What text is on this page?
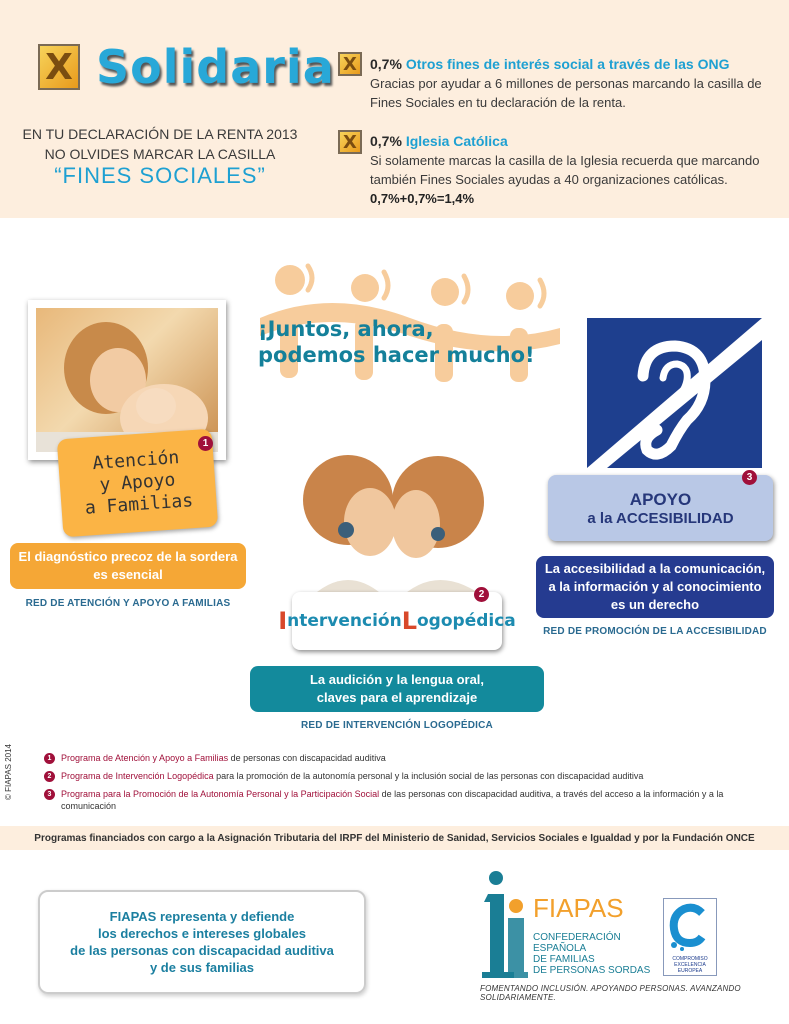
X Solidaria
EN TU DECLARACIÓN DE LA RENTA 2013
NO OLVIDES MARCAR LA CASILLA
“FINES SOCIALES”
X 0,7% Otros fines de interés social a través de las ONG
Gracias por ayudar a 6 millones de personas marcando la casilla de Fines Sociales en tu declaración de la renta.
X 0,7% Iglesia Católica
Si solamente marcas la casilla de la Iglesia recuerda que marcando también Fines Sociales ayudas a 40 organizaciones católicas.
0,7%+0,7%=1,4%
¡Juntos, ahora,
podemos hacer mucho!
Atención
y Apoyo
a Familias
1
I ntervención L ogopédica
2
APOYO
a la ACCESIBILIDAD
3
El diagnóstico precoz de la sordera
es esencial
RED DE ATENCIÓN Y APOYO A FAMILIAS
La audición y la lengua oral,
claves para el aprendizaje
RED DE INTERVENCIÓN LOGOPÉDICA
La accesibilidad a la comunicación,
a la información y al conocimiento
es un derecho
RED DE PROMOCIÓN DE LA ACCESIBILIDAD
© FIAPAS 2014	1	Programa de Atención y Apoyo a Familias de personas con discapacidad auditiva
2	Programa de Intervención Logopédica para la promoción de la autonomía personal y la inclusión social de las personas con discapacidad auditiva
3	Programa para la Promoción de la Autonomía Personal y la Participación Social de las personas con discapacidad auditiva, a través del acceso a la información y a la comunicación
Programas financiados con cargo a la Asignación Tributaria del
IRPF
del Ministerio de Sanidad, Servicios Sociales e Igualdad y por la Fundación ONCE
FIAPAS representa y defiende
los derechos e intereses globales
de las personas con discapacidad auditiva
y de sus familias
FIAPAS
CONFEDERACIÓN
ESPAÑOLA
DE FAMILIAS
DE PERSONAS SORDAS
FOMENTANDO INCLUSIÓN. APOYANDO PERSONAS. AVANZANDO SOLIDARIAMENTE.
COMPROMISO
EXCELENCIA
EUROPEA
